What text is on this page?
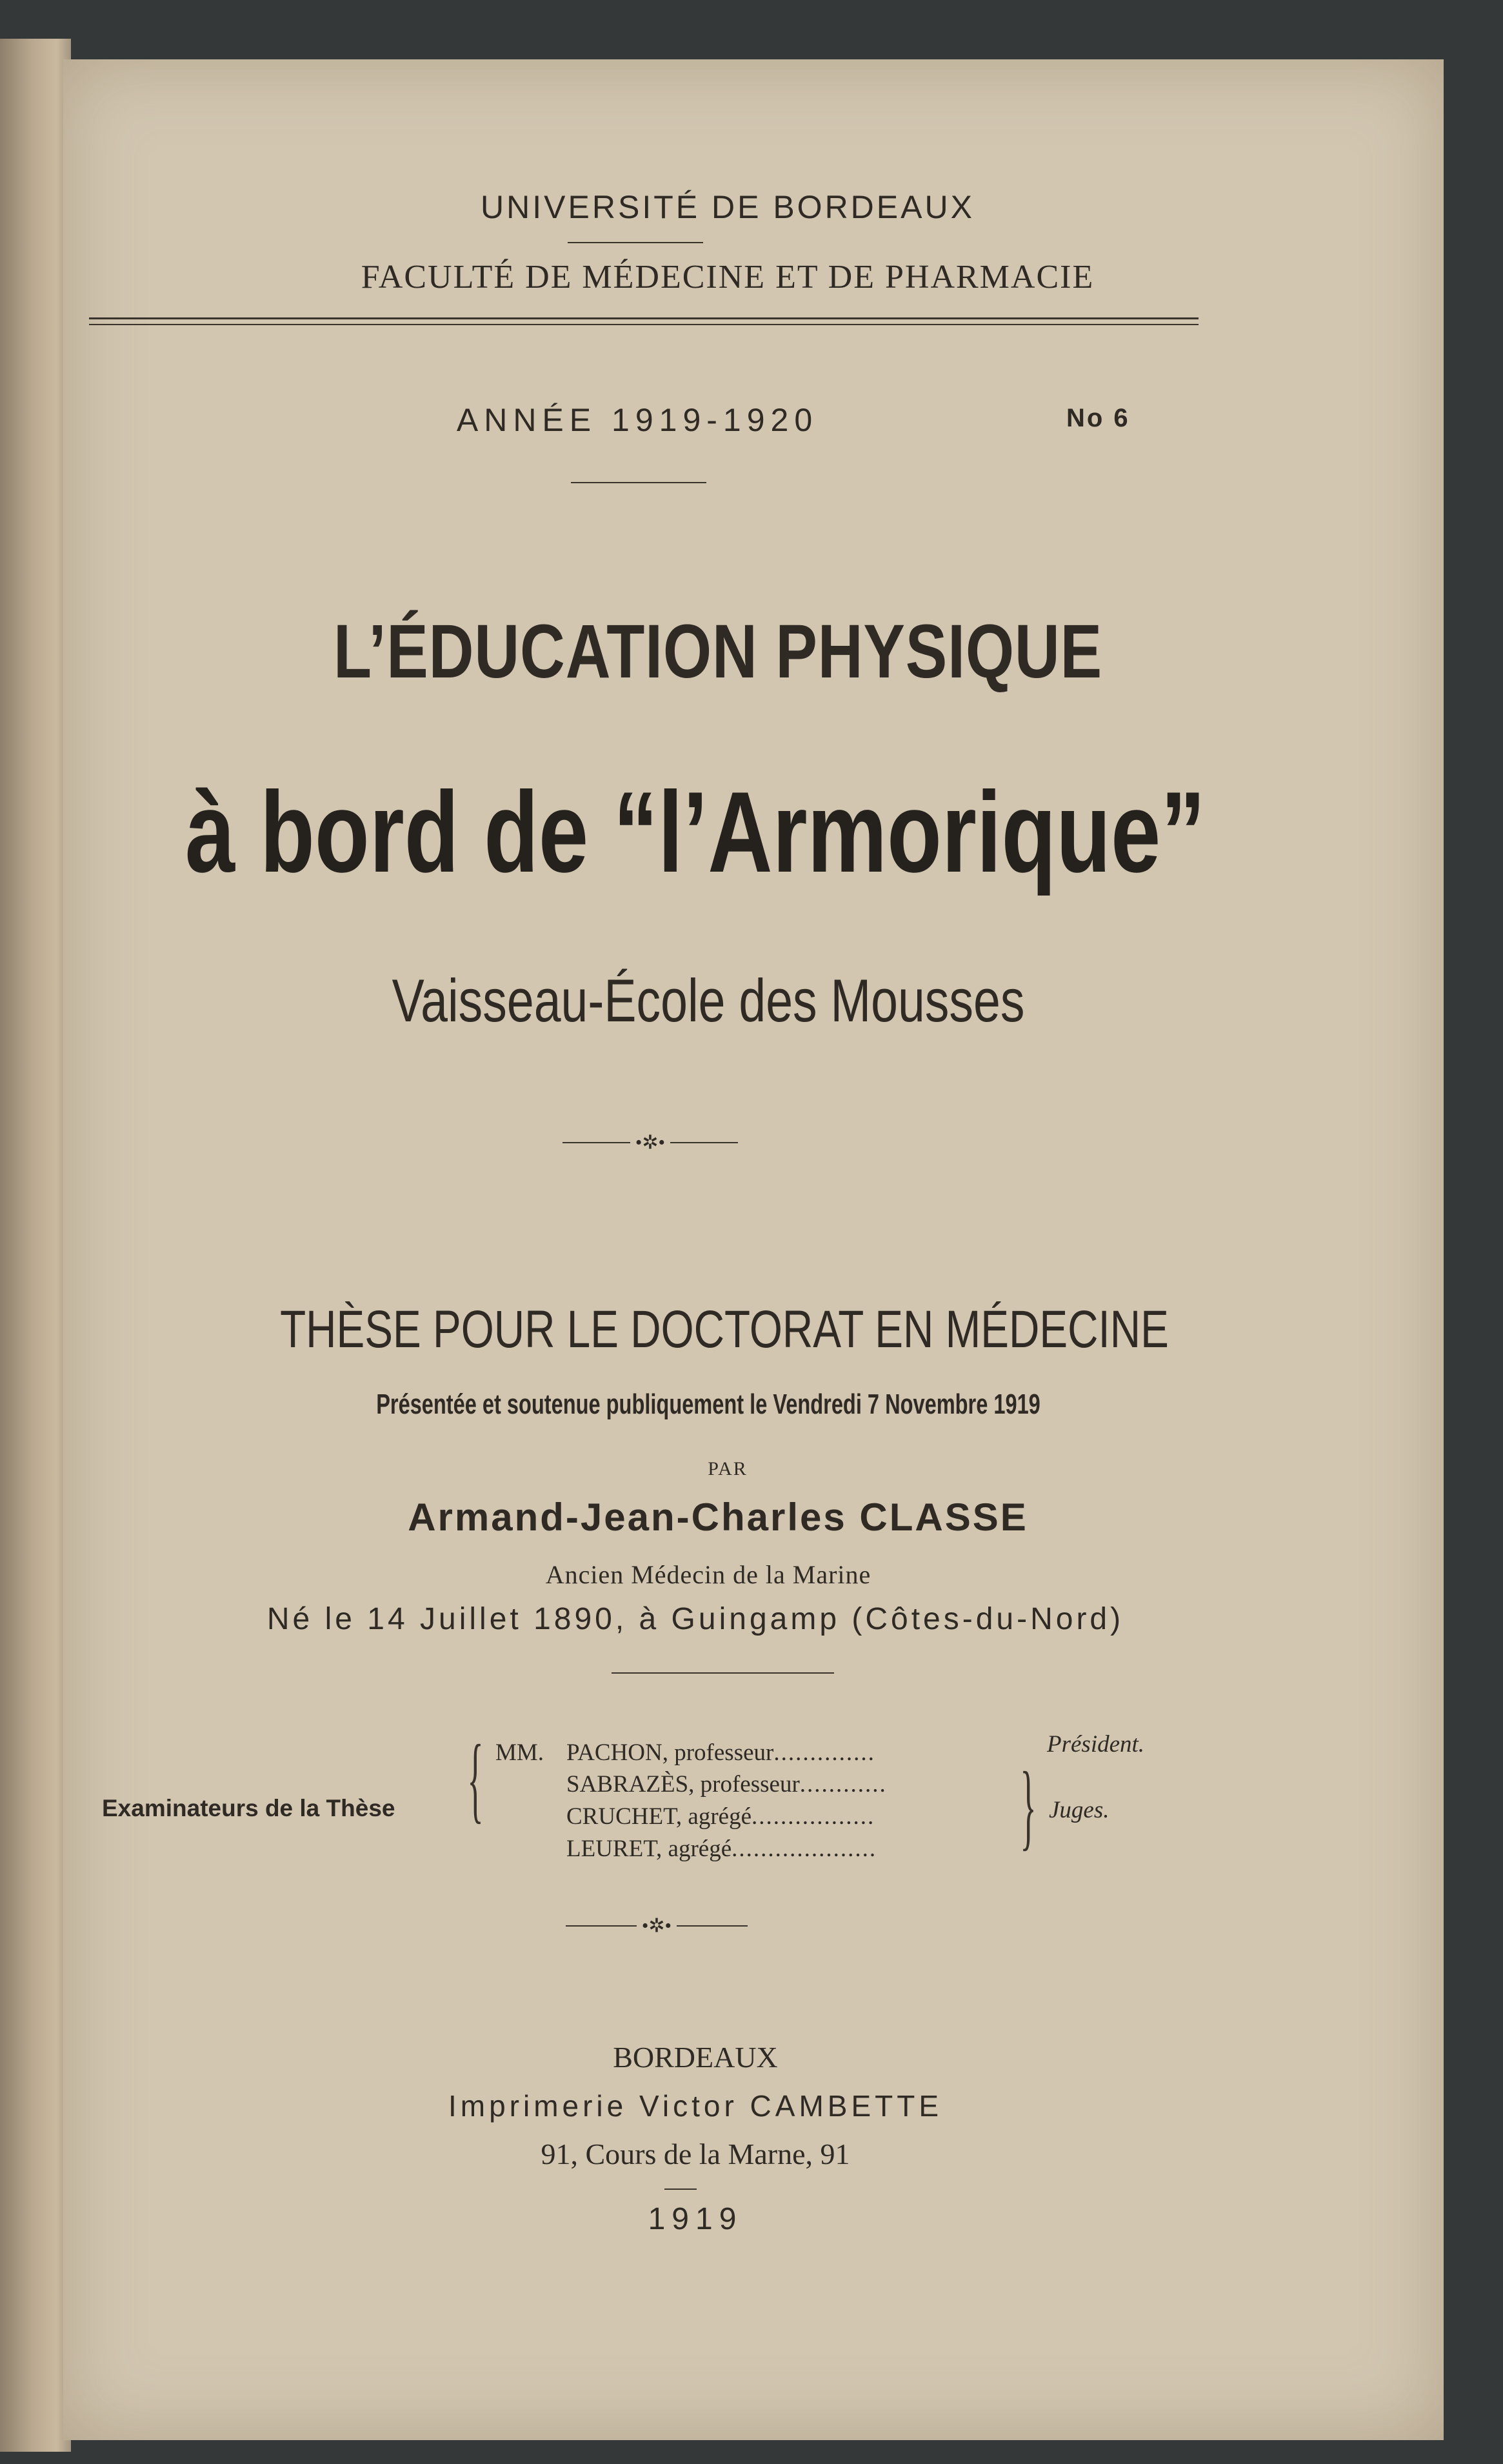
UNIVERSITÉ DE BORDEAUX
FACULTÉ DE MÉDECINE ET DE PHARMACIE
ANNÉE 1919-1920	No 6
L’ÉDUCATION PHYSIQUE
à bord de “l’Armorique”
Vaisseau-École des Mousses
•✲•
THÈSE POUR LE DOCTORAT EN MÉDECINE
Présentée et soutenue publiquement le Vendredi 7 Novembre 1919
PAR
Armand-Jean-Charles CLASSE
Ancien Médecin de la Marine
Né le 14 Juillet 1890, à Guingamp (Côtes-du-Nord)
Examinateurs de la Thèse { MM. PACHON, professeur..............	Président.
SABRAZÈS, professeur............
CRUCHET, agrégé.................
LEURET, agrégé.................... } Juges.
•✲•
BORDEAUX
Imprimerie Victor CAMBETTE
91, Cours de la Marne, 91
1919
